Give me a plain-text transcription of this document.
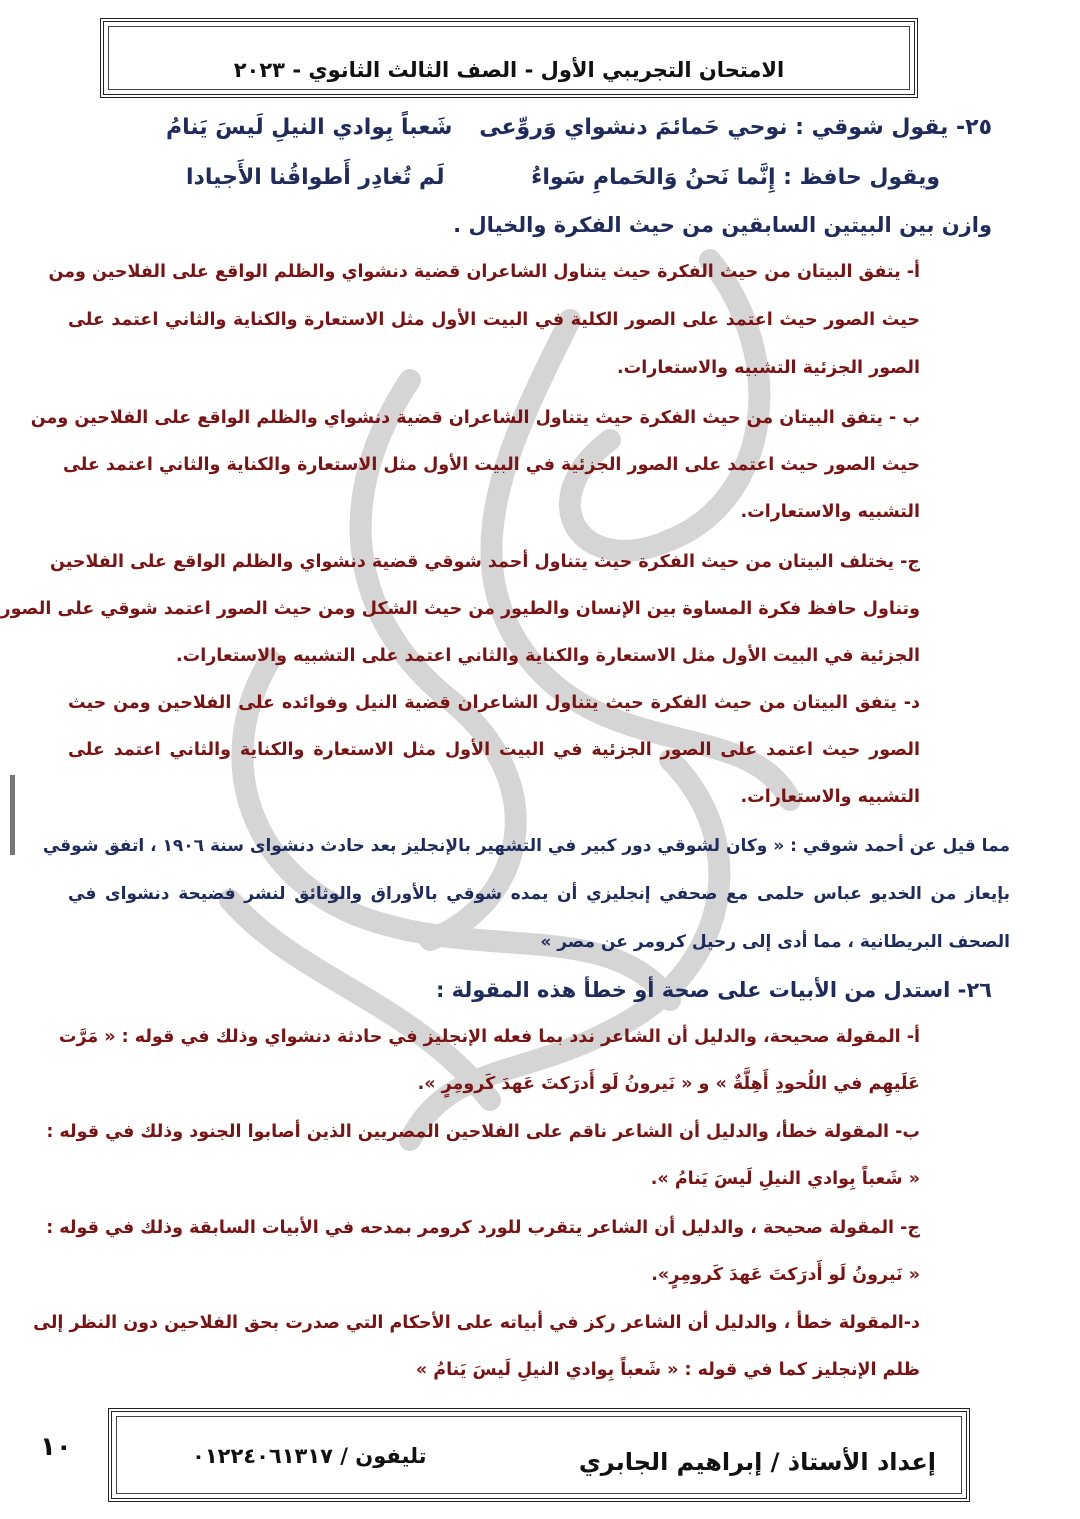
الامتحان التجريبي الأول - الصف الثالث الثانوي - ٢٠٢٣
٢٥- يقول شوقي : نوحي حَمائمَ دنشواي وَروِّعى
شَعباً بِوادي النيلِ لَيسَ يَنامُ
ويقول حافظ : إِنَّما نَحنُ وَالحَمامِ سَواءُ
لَم تُغادِر أَطواقُنا الأَجيادا
وازن بين البيتين السابقين من حيث الفكرة والخيال .
أ- يتفق البيتان من حيث الفكرة حيث يتناول الشاعران قضية دنشواي والظلم الواقع على الفلاحين ومن
حيث الصور حيث اعتمد على الصور الكلية في البيت الأول مثل الاستعارة والكناية والثاني اعتمد على
الصور الجزئية التشبيه والاستعارات.
ب - يتفق البيتان من حيث الفكرة حيث يتناول الشاعران قضية دنشواي والظلم الواقع على الفلاحين ومن
حيث الصور حيث اعتمد على الصور الجزئية في البيت الأول مثل الاستعارة والكناية والثاني اعتمد على
التشبيه والاستعارات.
ج- يختلف البيتان من حيث الفكرة حيث يتناول أحمد شوقي قضية دنشواي والظلم الواقع على الفلاحين
وتناول حافظ فكرة المساوة بين الإنسان والطيور من حيث الشكل ومن حيث الصور اعتمد شوقي على الصور
الجزئية في البيت الأول مثل الاستعارة والكناية والثاني اعتمد على التشبيه والاستعارات.
د- يتفق البيتان من حيث الفكرة حيث يتناول الشاعران قضية النيل وفوائده على الفلاحين ومن حيث
الصور حيث اعتمد على الصور الجزئية في البيت الأول مثل الاستعارة والكناية والثاني اعتمد على
التشبيه والاستعارات.
مما قيل عن أحمد شوقي : « وكان لشوقي دور كبير في التشهير بالإنجليز بعد حادث دنشواى سنة ١٩٠٦ ، اتفق شوقي
بإيعاز من الخديو عباس حلمى مع صحفي إنجليزي أن يمده شوقي بالأوراق والوثائق لنشر فضيحة دنشواى في
الصحف البريطانية ، مما أدى إلى رحيل كرومر عن مصر »
٢٦- استدل من الأبيات على صحة أو خطأ هذه المقولة :
أ- المقولة صحيحة، والدليل أن الشاعر ندد بما فعله الإنجليز في حادثة دنشواي وذلك في قوله : « مَرَّت
عَلَيهِم في اللُحودِ أَهِلَّةٌ » و « نَيرونُ لَو أَدرَكتَ عَهدَ كَرومِرٍ ».
ب- المقولة خطأ، والدليل أن الشاعر ناقم على الفلاحين المصريين الذين أصابوا الجنود وذلك في قوله :
« شَعباً بِوادي النيلِ لَيسَ يَنامُ ».
ج- المقولة صحيحة ، والدليل أن الشاعر يتقرب للورد كرومر بمدحه في الأبيات السابقة وذلك في قوله :
« نَيرونُ لَو أَدرَكتَ عَهدَ كَرومِرٍ».
د-المقولة خطأ ، والدليل أن الشاعر ركز في أبياته على الأحكام التي صدرت بحق الفلاحين دون النظر إلى
ظلم الإنجليز كما في قوله : « شَعباً بِوادي النيلِ لَيسَ يَنامُ »
إعداد الأستاذ / إبراهيم الجابري
تليفون / ٠١٢٢٤٠٦١٣١٧
١٠
